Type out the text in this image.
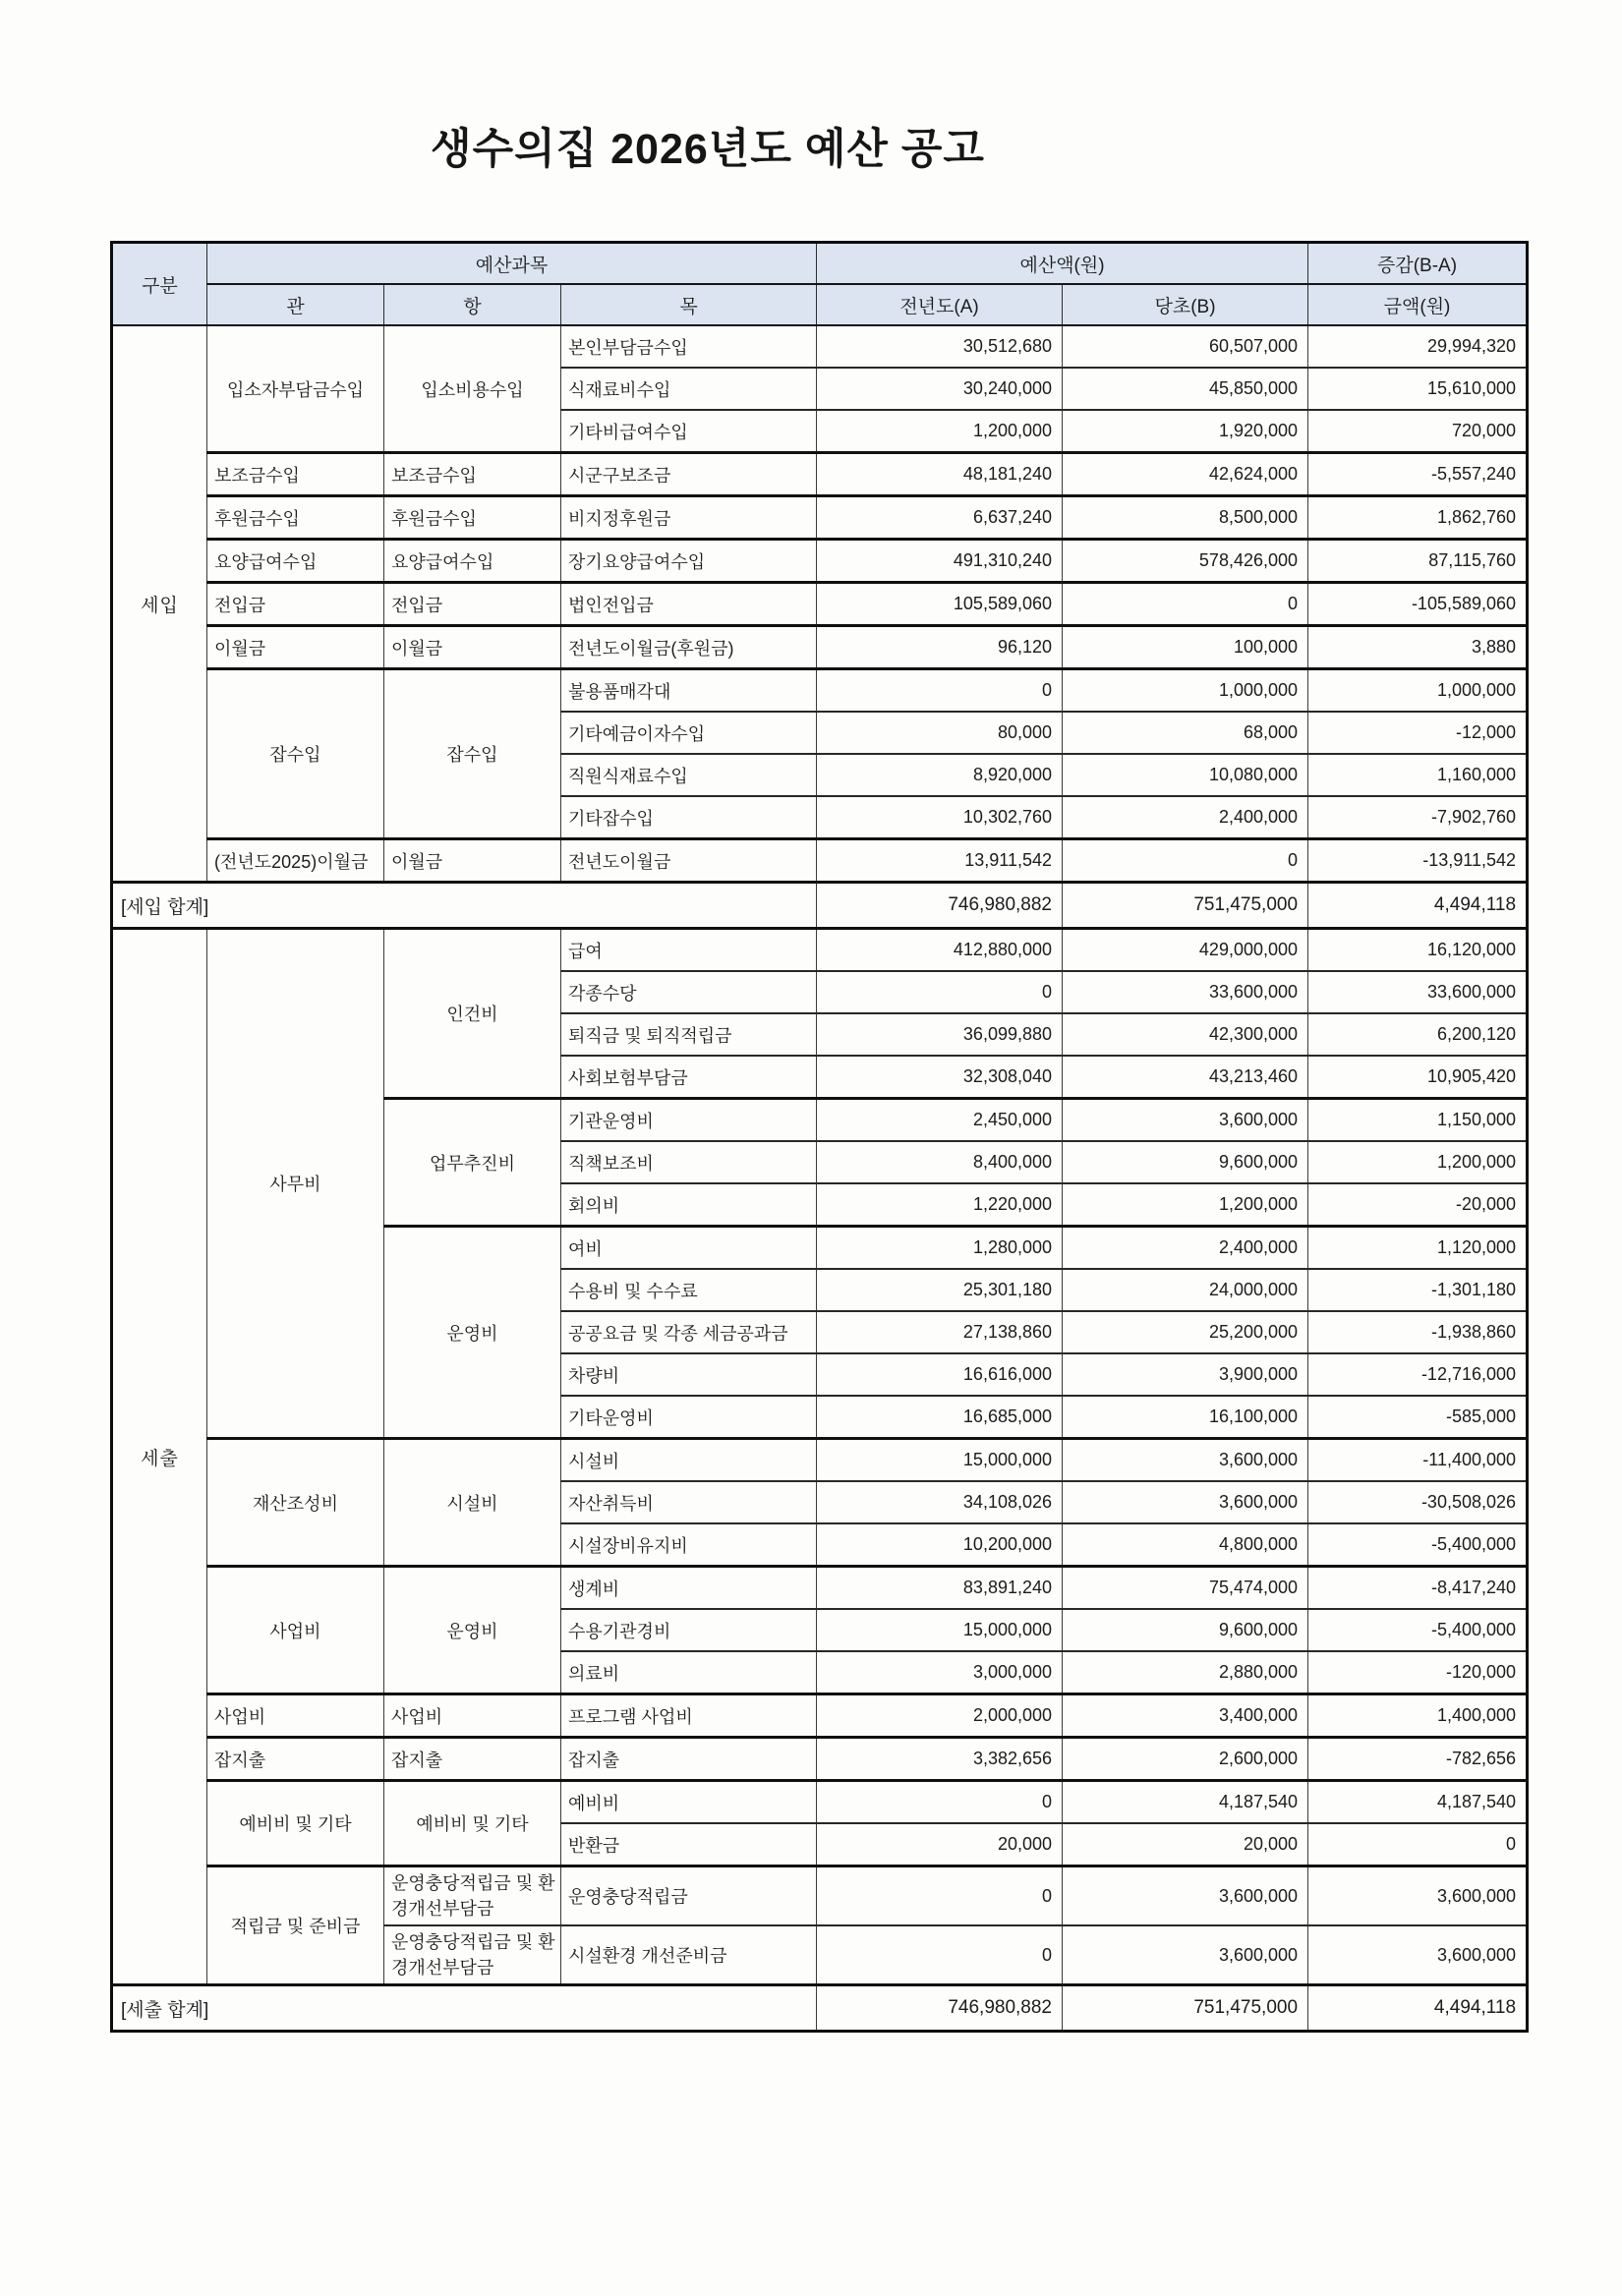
생수의집 2026년도 예산 공고
구분	예산과목			예산액(원)		증감(B-A)
	관	항	목	전년도(A)	당초(B)	금액(원)
세입	입소자부담금수입	입소비용수입	본인부담금수입	30,512,680	60,507,000	29,994,320
			식재료비수입	30,240,000	45,850,000	15,610,000
			기타비급여수입	1,200,000	1,920,000	720,000
	보조금수입	보조금수입	시군구보조금	48,181,240	42,624,000	-5,557,240
	후원금수입	후원금수입	비지정후원금	6,637,240	8,500,000	1,862,760
	요양급여수입	요양급여수입	장기요양급여수입	491,310,240	578,426,000	87,115,760
	전입금	전입금	법인전입금	105,589,060	0	-105,589,060
	이월금	이월금	전년도이월금(후원금)	96,120	100,000	3,880
	잡수입	잡수입	불용품매각대	0	1,000,000	1,000,000
			기타예금이자수입	80,000	68,000	-12,000
			직원식재료수입	8,920,000	10,080,000	1,160,000
			기타잡수입	10,302,760	2,400,000	-7,902,760
	(전년도2025)이월금	이월금	전년도이월금	13,911,542	0	-13,911,542
[세입 합계]				746,980,882	751,475,000	4,494,118
세출	사무비	인건비	급여	412,880,000	429,000,000	16,120,000
			각종수당	0	33,600,000	33,600,000
			퇴직금 및 퇴직적립금	36,099,880	42,300,000	6,200,120
			사회보험부담금	32,308,040	43,213,460	10,905,420
		업무추진비	기관운영비	2,450,000	3,600,000	1,150,000
			직책보조비	8,400,000	9,600,000	1,200,000
			회의비	1,220,000	1,200,000	-20,000
		운영비	여비	1,280,000	2,400,000	1,120,000
			수용비 및 수수료	25,301,180	24,000,000	-1,301,180
			공공요금 및 각종 세금공과금	27,138,860	25,200,000	-1,938,860
			차량비	16,616,000	3,900,000	-12,716,000
			기타운영비	16,685,000	16,100,000	-585,000
	재산조성비	시설비	시설비	15,000,000	3,600,000	-11,400,000
			자산취득비	34,108,026	3,600,000	-30,508,026
			시설장비유지비	10,200,000	4,800,000	-5,400,000
	사업비	운영비	생계비	83,891,240	75,474,000	-8,417,240
			수용기관경비	15,000,000	9,600,000	-5,400,000
			의료비	3,000,000	2,880,000	-120,000
	사업비	사업비	프로그램 사업비	2,000,000	3,400,000	1,400,000
	잡지출	잡지출	잡지출	3,382,656	2,600,000	-782,656
	예비비 및 기타	예비비 및 기타	예비비	0	4,187,540	4,187,540
			반환금	20,000	20,000	0
	적립금 및 준비금	운영충당적립금 및 환경개선부담금	운영충당적립금	0	3,600,000	3,600,000
		운영충당적립금 및 환경개선부담금	시설환경 개선준비금	0	3,600,000	3,600,000
[세출 합계]				746,980,882	751,475,000	4,494,118
